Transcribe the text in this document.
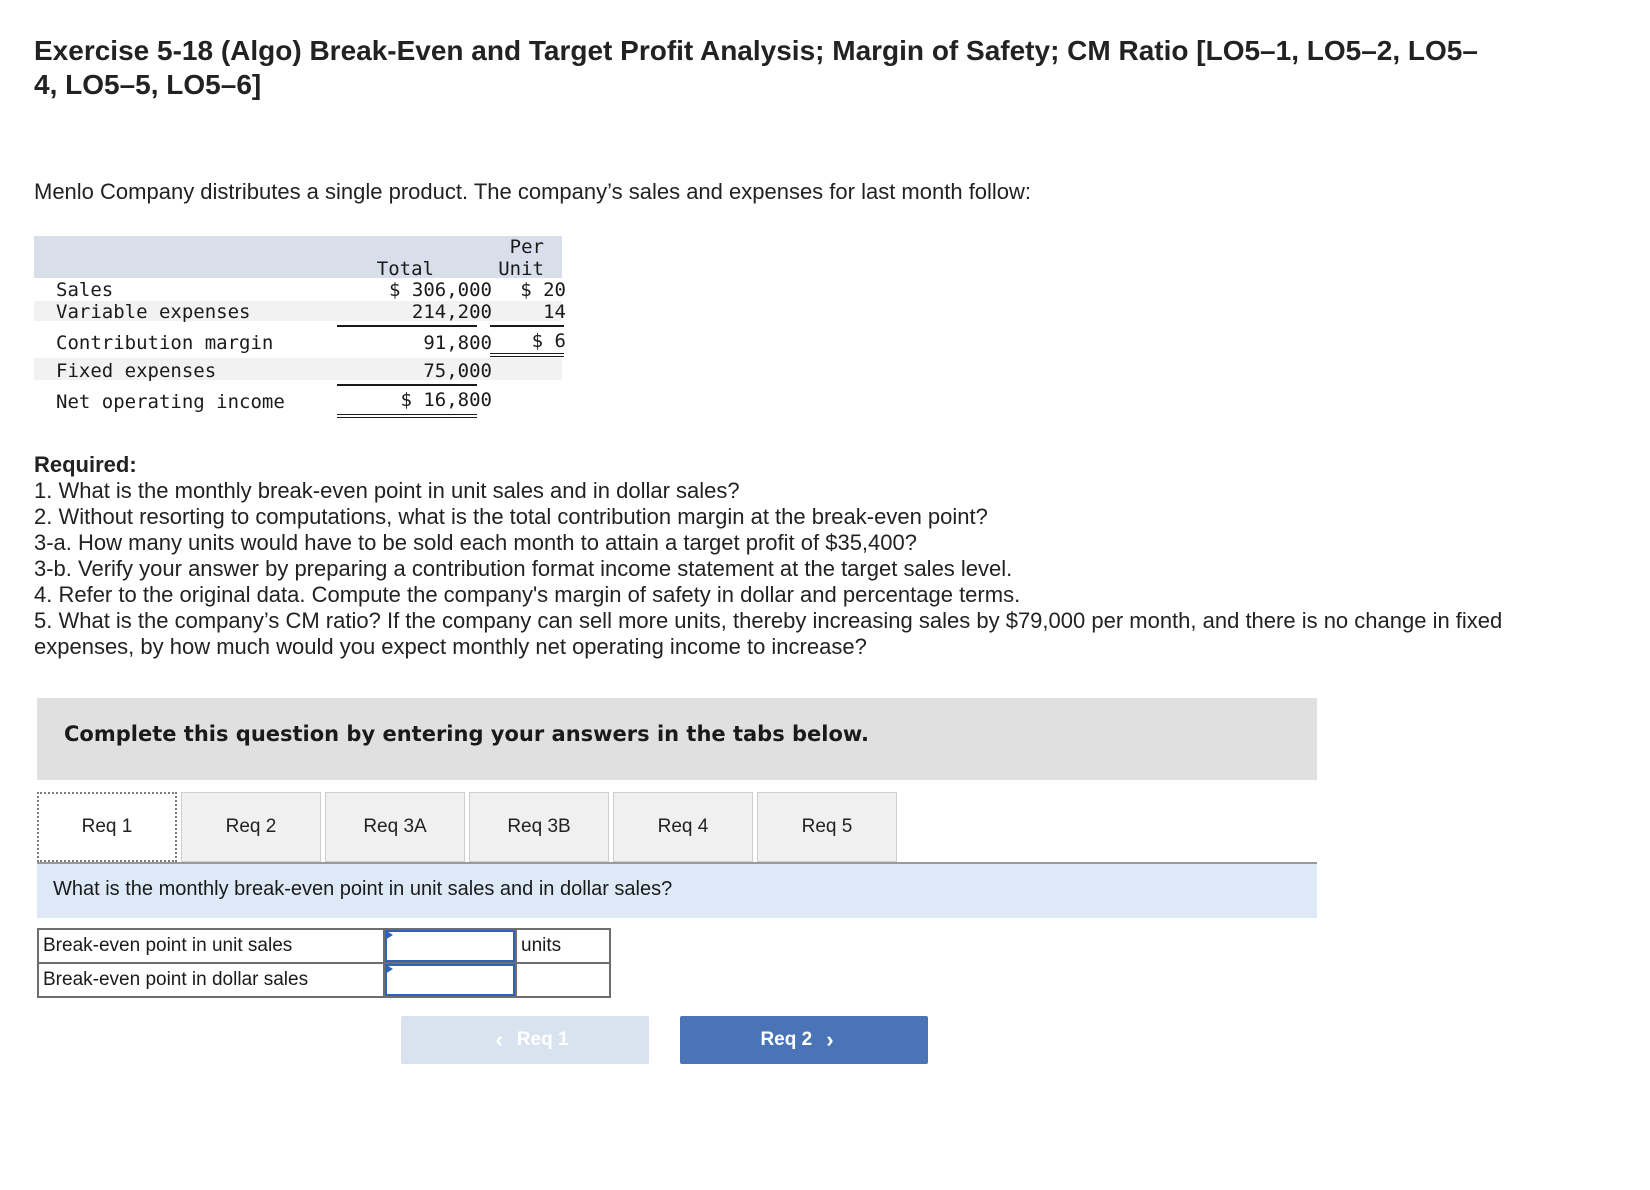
Exercise 5-18 (Algo) Break-Even and Target Profit Analysis; Margin of Safety; CM Ratio [LO5–1, LO5–2, LO5–4, LO5–5, LO5–6]
Menlo Company distributes a single product. The company’s sales and expenses for last month follow:
Per
Total	Unit
Sales	$ 306,000	$ 20
Variable expenses	214,200	14
Contribution margin	91,800	$ 6
Fixed expenses	75,000
Net operating income	$ 16,800
Required:
1. What is the monthly break-even point in unit sales and in dollar sales?
2. Without resorting to computations, what is the total contribution margin at the break-even point?
3-a. How many units would have to be sold each month to attain a target profit of $35,400?
3-b. Verify your answer by preparing a contribution format income statement at the target sales level.
4. Refer to the original data. Compute the company's margin of safety in dollar and percentage terms.
5. What is the company’s CM ratio? If the company can sell more units, thereby increasing sales by $79,000 per month, and there is no change in fixed expenses, by how much would you expect monthly net operating income to increase?
Complete this question by entering your answers in the tabs below.
Req 1	Req 2	Req 3A	Req 3B	Req 4	Req 5
What is the monthly break-even point in unit sales and in dollar sales?
Break-even point in unit sales		units
Break-even point in dollar sales	

‹ Req 1	Req 2 ›
